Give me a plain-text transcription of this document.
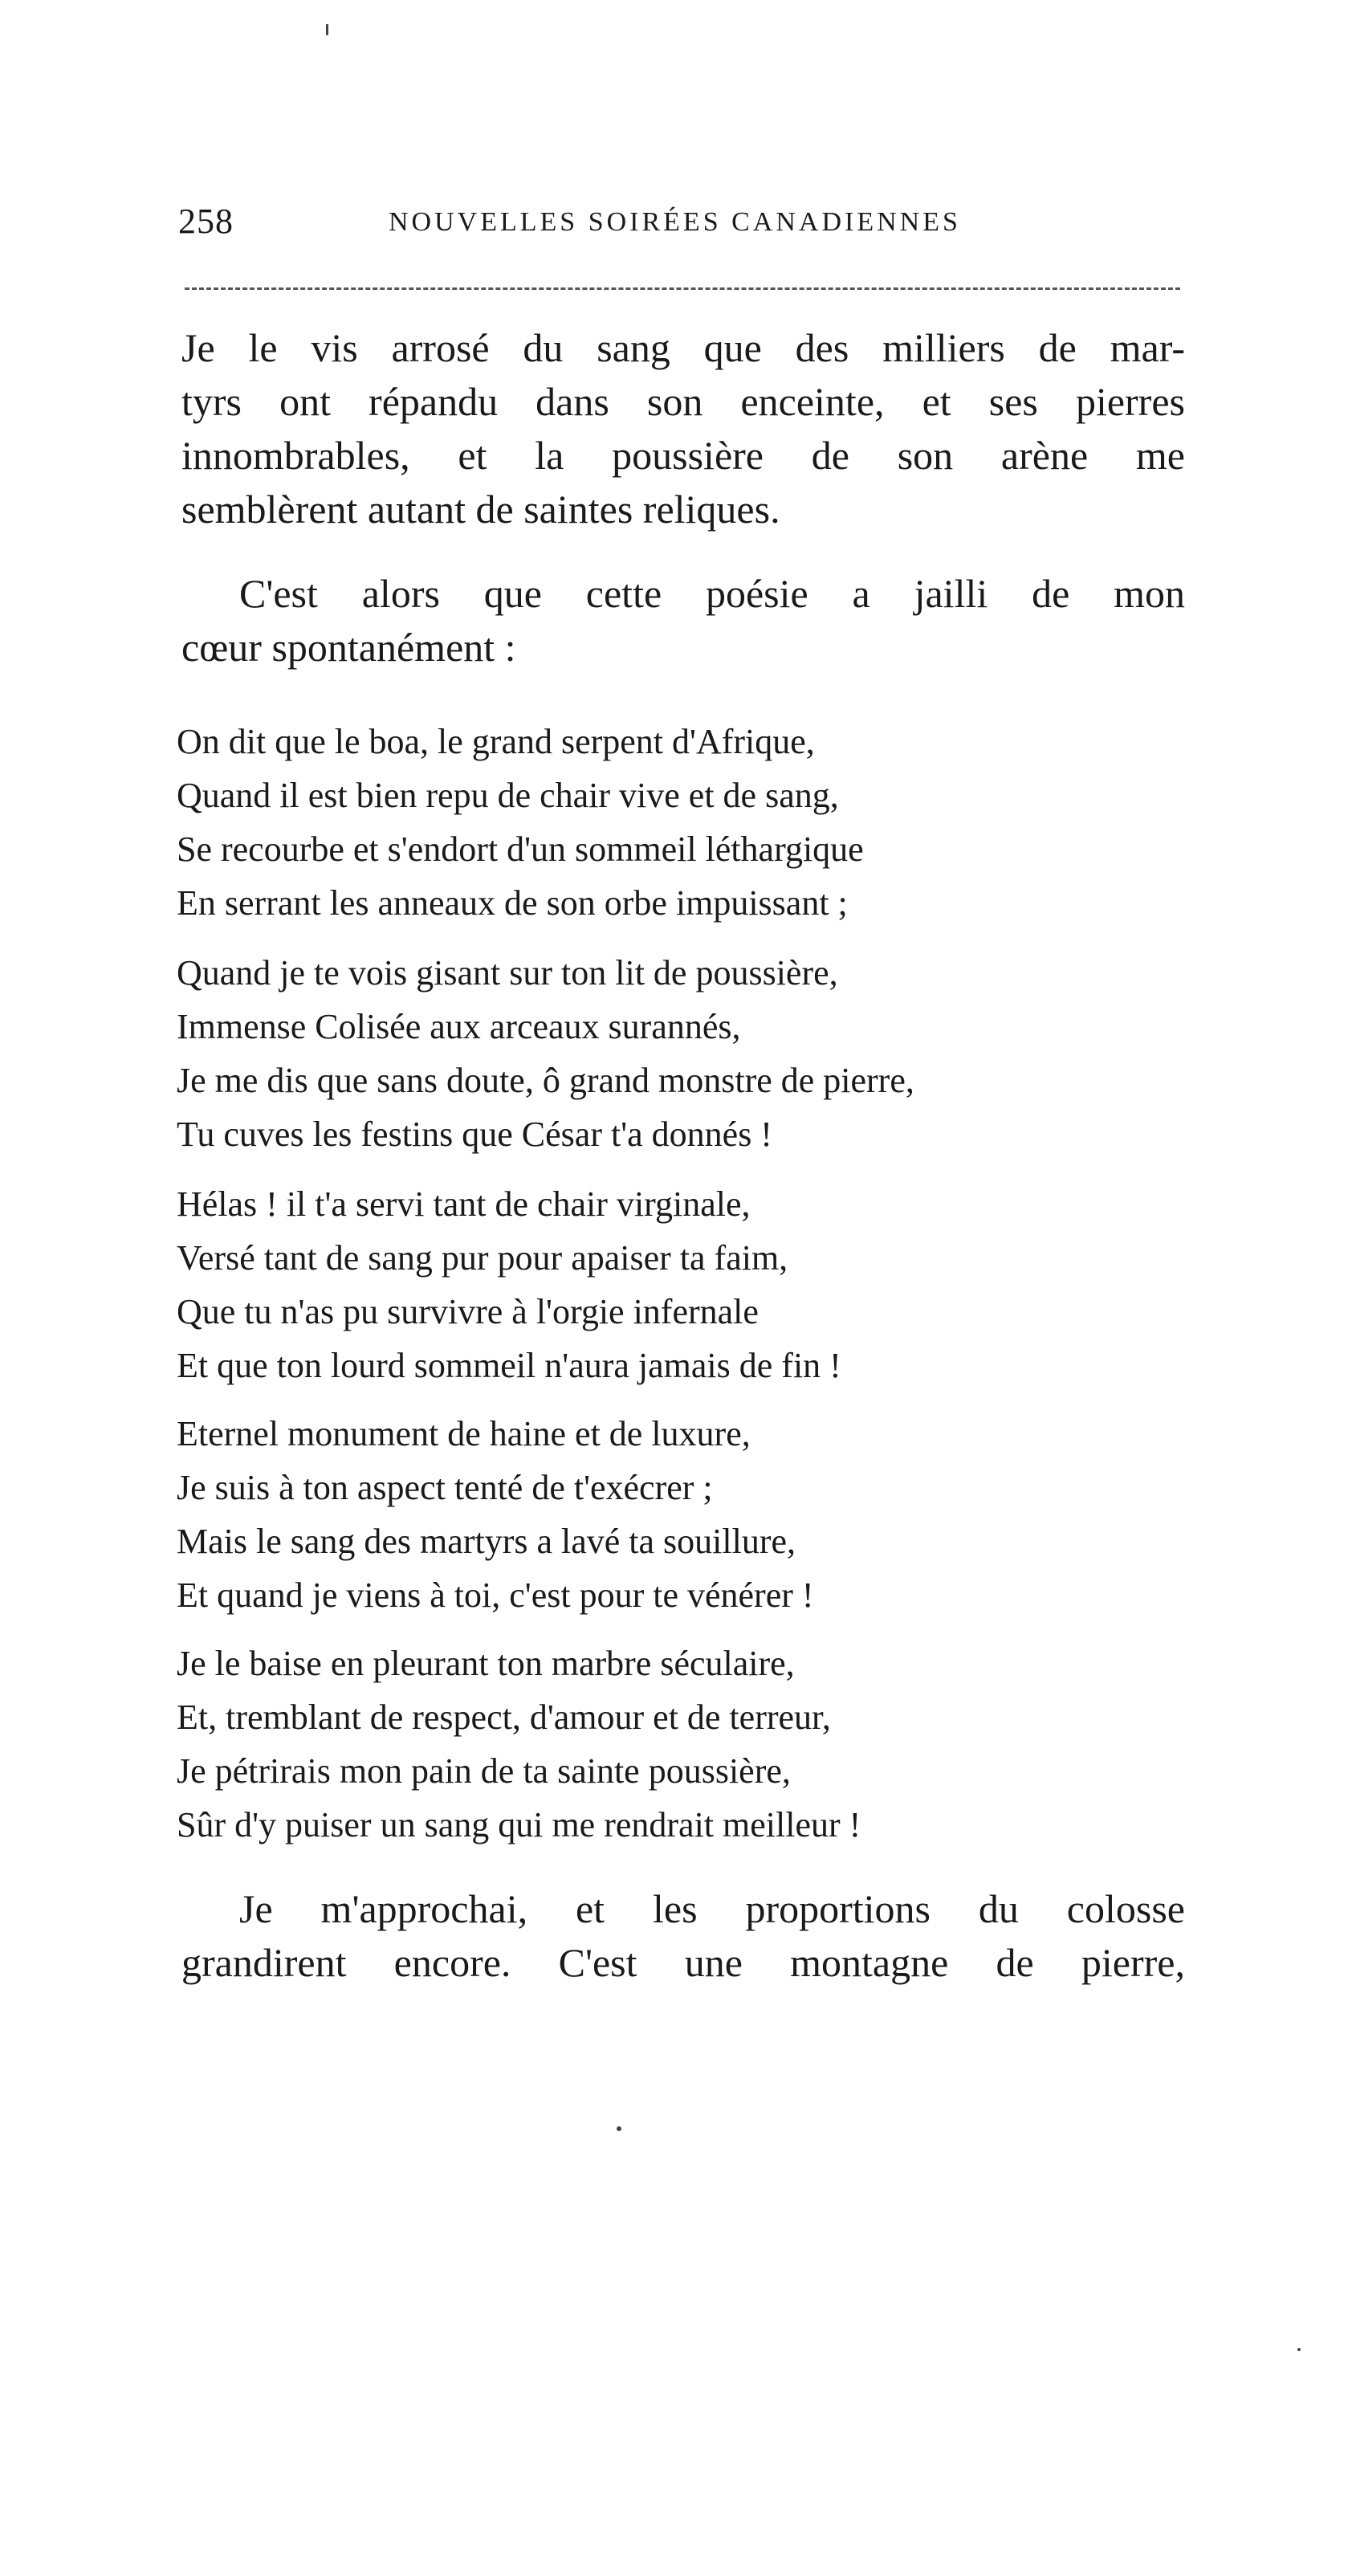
258	NOUVELLES SOIRÉES CANADIENNES
Je le vis arrosé du sang que des milliers de mar-
tyrs ont répandu dans son enceinte, et ses pierres
innombrables, et la poussière de son arène me
semblèrent autant de saintes reliques.
C'est alors que cette poésie a jailli de mon
cœur spontanément :
On dit que le boa, le grand serpent d'Afrique,
Quand il est bien repu de chair vive et de sang,
Se recourbe et s'endort d'un sommeil léthargique
En serrant les anneaux de son orbe impuissant ;
Quand je te vois gisant sur ton lit de poussière,
Immense Colisée aux arceaux surannés,
Je me dis que sans doute, ô grand monstre de pierre,
Tu cuves les festins que César t'a donnés !
Hélas ! il t'a servi tant de chair virginale,
Versé tant de sang pur pour apaiser ta faim,
Que tu n'as pu survivre à l'orgie infernale
Et que ton lourd sommeil n'aura jamais de fin !
Eternel monument de haine et de luxure,
Je suis à ton aspect tenté de t'exécrer ;
Mais le sang des martyrs a lavé ta souillure,
Et quand je viens à toi, c'est pour te vénérer !
Je le baise en pleurant ton marbre séculaire,
Et, tremblant de respect, d'amour et de terreur,
Je pétrirais mon pain de ta sainte poussière,
Sûr d'y puiser un sang qui me rendrait meilleur !
Je m'approchai, et les proportions du colosse
grandirent encore. C'est une montagne de pierre,
